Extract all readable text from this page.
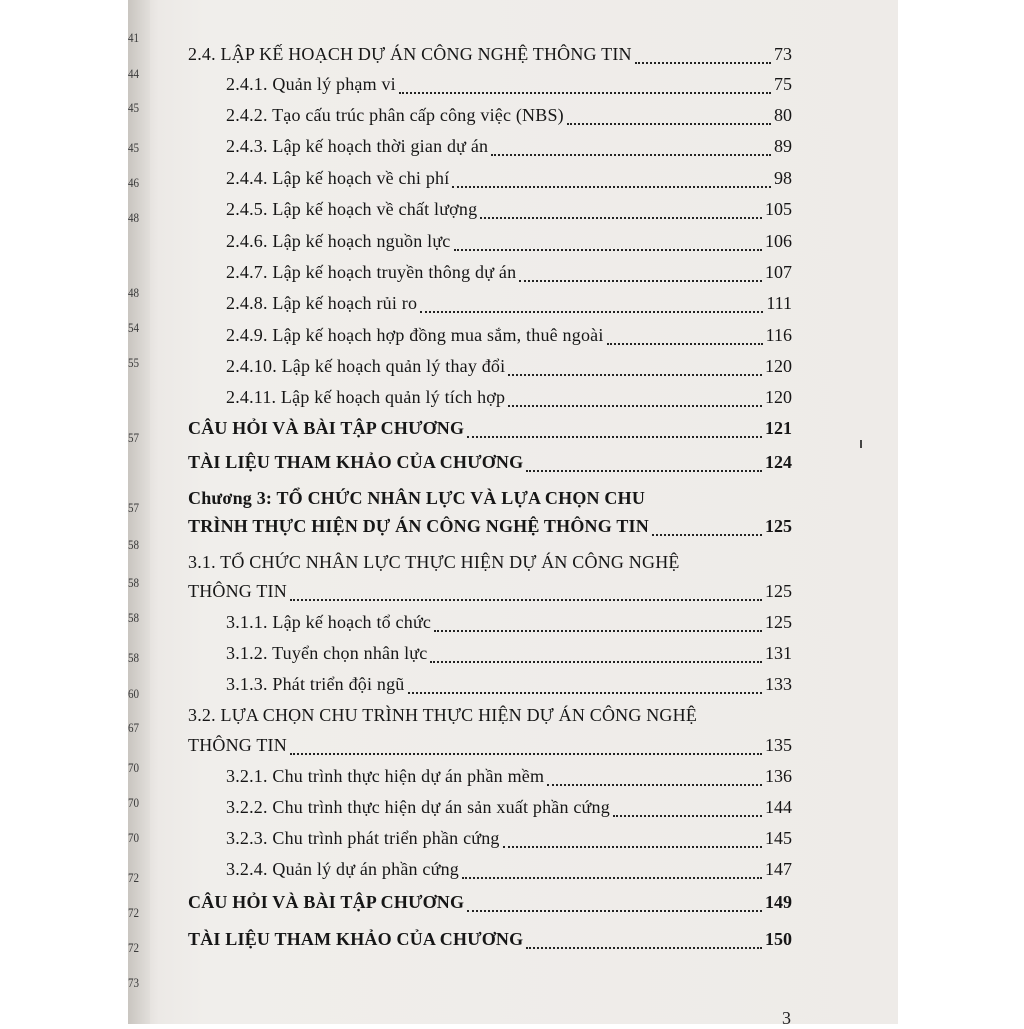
41
44
45
45
46
48
48
54
55
57
57
58
58
58
58
60
67
70
70
70
72
72
72
73
2.4. LẬP KẾ HOẠCH DỰ ÁN CÔNG NGHỆ THÔNG TIN	73
2.4.1. Quản lý phạm vi	75
2.4.2. Tạo cấu trúc phân cấp công việc (NBS)	80
2.4.3. Lập kế hoạch thời gian dự án	89
2.4.4. Lập kế hoạch về chi phí	98
2.4.5. Lập kế hoạch về chất lượng	105
2.4.6. Lập kế hoạch nguồn lực	106
2.4.7. Lập kế hoạch truyền thông dự án	107
2.4.8. Lập kế hoạch rủi ro	111
2.4.9. Lập kế hoạch hợp đồng mua sắm, thuê ngoài	116
2.4.10. Lập kế hoạch quản lý thay đổi	120
2.4.11. Lập kế hoạch quản lý tích hợp	120
CÂU HỎI VÀ BÀI TẬP CHƯƠNG	121
TÀI LIỆU THAM KHẢO CỦA CHƯƠNG	124
Chương 3: TỔ CHỨC NHÂN LỰC VÀ LỰA CHỌN CHU
TRÌNH THỰC HIỆN DỰ ÁN CÔNG NGHỆ THÔNG TIN	125
3.1. TỔ CHỨC NHÂN LỰC THỰC HIỆN DỰ ÁN CÔNG NGHỆ
THÔNG TIN	125
3.1.1. Lập kế hoạch tổ chức	125
3.1.2. Tuyển chọn nhân lực	131
3.1.3. Phát triển đội ngũ	133
3.2. LỰA CHỌN CHU TRÌNH THỰC HIỆN DỰ ÁN CÔNG NGHỆ
THÔNG TIN	135
3.2.1. Chu trình thực hiện dự án phần mềm	136
3.2.2. Chu trình thực hiện dự án sản xuất phần cứng	144
3.2.3. Chu trình phát triển phần cứng	145
3.2.4. Quản lý dự án phần cứng	147
CÂU HỎI VÀ BÀI TẬP CHƯƠNG	149
TÀI LIỆU THAM KHẢO CỦA CHƯƠNG	150
3
